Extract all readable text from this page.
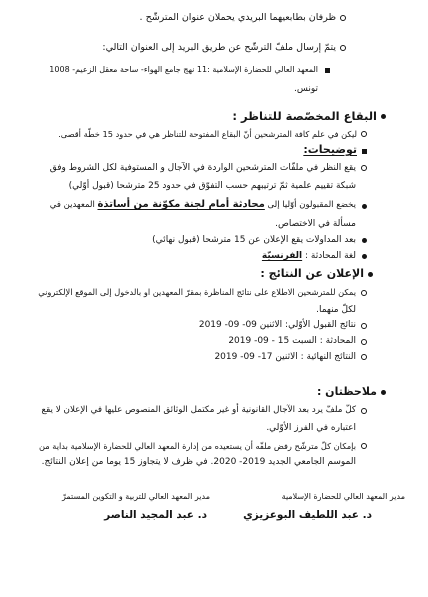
ظرفان بطابعيهما البريدي يحملان عنوان المترشّح .
يتمّ إرسال ملفّ الترشّح عن طريق البريد إلى العنوان التالي:
المعهد العالي للحضارة الإسلامية :11 نهج جامع الهواء- ساحة معقل الزعيم- 1008
تونس.
البقاع المخصّصة للتناظر :
ليكن في علم كافة المترشحين أنّ البقاع المفتوحة للتناظر هي في حدود 15 خطّة أقصى.
توضيحات:
يقع النظر في ملفّات المترشحين الواردة في الآجال و المستوفية لكل الشروط وفق
شبكة تقييم علمية ثمّ ترتيبهم حسب التفوّق في حدود 25 مترشحا (قبول أوّلي)
يخضع المقبولون أوّليا إلى محادثة أمام لجنة مكوّنة من أساتذة المعهدين في
مسألة في الاختصاص.
بعد المداولات يقع الإعلان عن 15 مترشحا (قبول نهائي)
لغة المحادثة : الفرنسيّة
الإعلان عن النتائج :
يمكن للمترشحين الاطلاع على نتائج المناظرة بمقرّ المعهدين او بالدخول إلى الموقع الإلكتروني
لكلّ منهما.
نتائج القبول الأوّلي: الاثنين 09- 09- 2019
المحادثة : السبت 15 - 09- 2019
النتائج النهائية : الاثنين 17- 09- 2019
ملاحظتان :
كلّ ملفّ يرد بعد الآجال القانونية أو غير مكتمل الوثائق المنصوص عليها في الإعلان لا يقع
اعتباره في الفرز الأوّلي.
بإمكان كلّ مترشّح رفض ملفّه أن يستعيده من إدارة المعهد العالي للحضارة الإسلامية بداية من
الموسم الجامعي الجديد 2019- 2020. في ظرف لا يتجاوز 15 يوما من إعلان النتائج.
مدير المعهد العالي للحضارة الإسلامية
د. عبد اللطيف البوعزيزي
مدير المعهد العالي للتربية و التكوين المستمرّ
د. عبد المجيد الناصر
